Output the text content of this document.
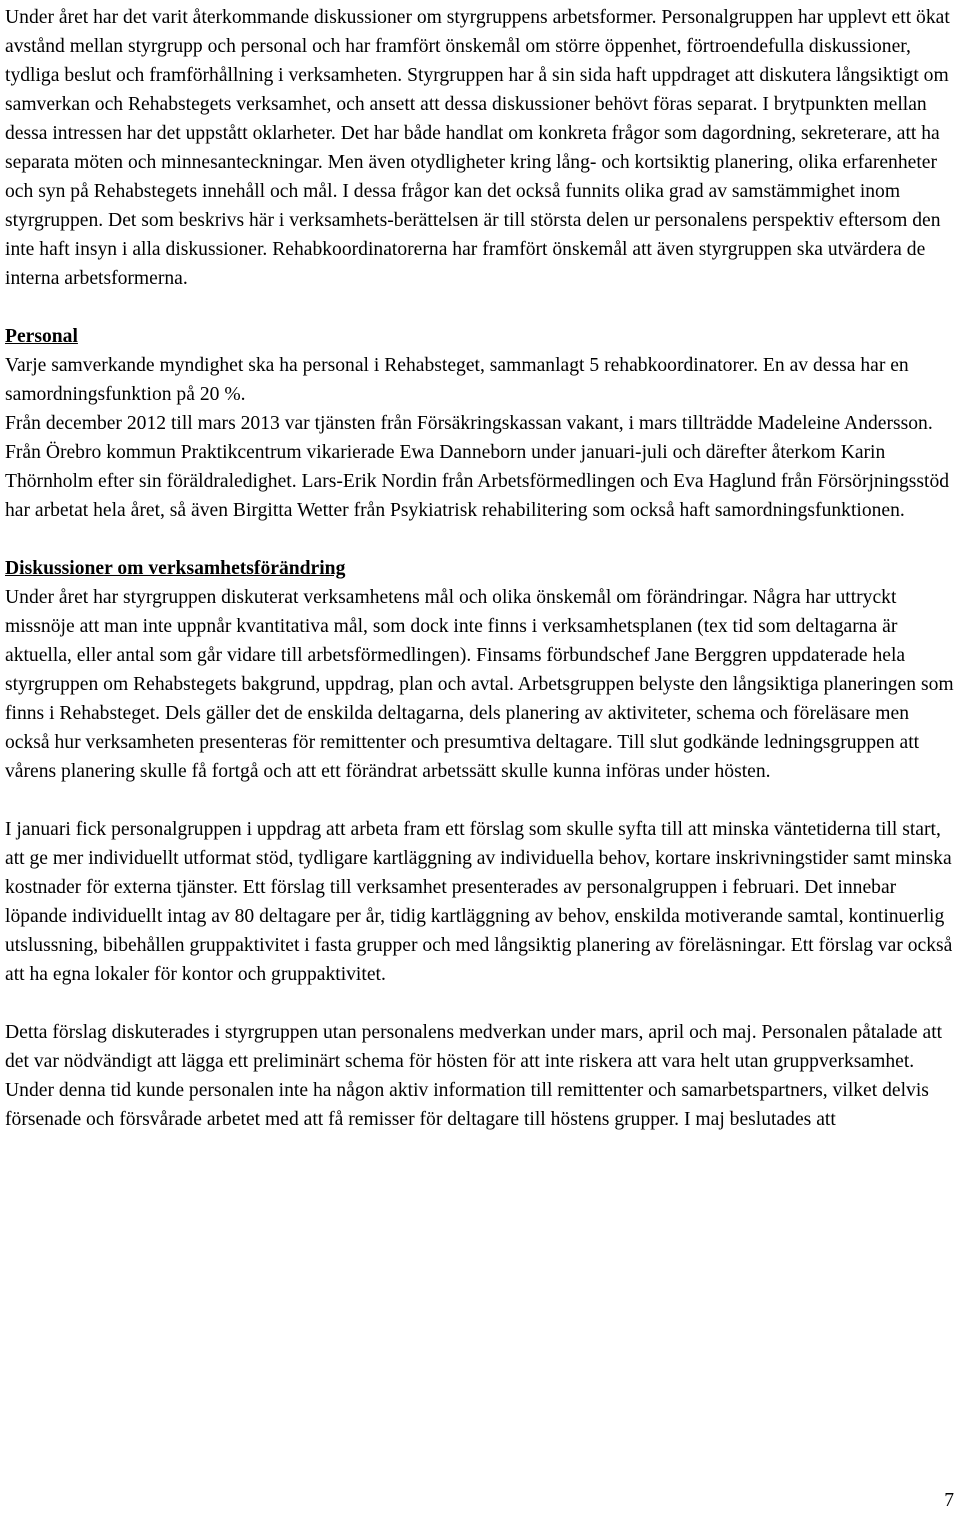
Under året har det varit återkommande diskussioner om styrgruppens arbetsformer. Personalgruppen har upplevt ett ökat avstånd mellan styrgrupp och personal och har framfört önskemål om större öppenhet, förtroendefulla diskussioner, tydliga beslut och framförhållning i verksamheten. Styrgruppen har å sin sida haft uppdraget att diskutera långsiktigt om samverkan och Rehabstegets verksamhet, och ansett att dessa diskussioner behövt föras separat. I brytpunkten mellan dessa intressen har det uppstått oklarheter. Det har både handlat om konkreta frågor som dagordning, sekreterare, att ha separata möten och minnesanteckningar. Men även otydligheter kring lång- och kortsiktig planering, olika erfarenheter och syn på Rehabstegets innehåll och mål. I dessa frågor kan det också funnits olika grad av samstämmighet inom styrgruppen. Det som beskrivs här i verksamhets-berättelsen är till största delen ur personalens perspektiv eftersom den inte haft insyn i alla diskussioner. Rehabkoordinatorerna har framfört önskemål att även styrgruppen ska utvärdera de interna arbetsformerna.

Personal

Varje samverkande myndighet ska ha personal i Rehabsteget, sammanlagt 5 rehabkoordinatorer. En av dessa har en samordningsfunktion på 20 %.

Från december 2012 till mars 2013 var tjänsten från Försäkringskassan vakant, i mars tillträdde Madeleine Andersson. Från Örebro kommun Praktikcentrum vikarierade Ewa Danneborn under januari-juli och därefter återkom Karin Thörnholm efter sin föräldraledighet. Lars-Erik Nordin från Arbetsförmedlingen och Eva Haglund från Försörjningsstöd har arbetat hela året, så även Birgitta Wetter från Psykiatrisk rehabilitering som också haft samordningsfunktionen.

Diskussioner om verksamhetsförändring

Under året har styrgruppen diskuterat verksamhetens mål och olika önskemål om förändringar. Några har uttryckt missnöje att man inte uppnår kvantitativa mål, som dock inte finns i verksamhetsplanen (tex tid som deltagarna är aktuella, eller antal som går vidare till arbetsförmedlingen). Finsams förbundschef Jane Berggren uppdaterade hela styrgruppen om Rehabstegets bakgrund, uppdrag, plan och avtal. Arbetsgruppen belyste den långsiktiga planeringen som finns i Rehabsteget. Dels gäller det de enskilda deltagarna, dels planering av aktiviteter, schema och föreläsare men också hur verksamheten presenteras för remittenter och presumtiva deltagare. Till slut godkände ledningsgruppen att vårens planering skulle få fortgå och att ett förändrat arbetssätt skulle kunna införas under hösten.

I januari fick personalgruppen i uppdrag att arbeta fram ett förslag som skulle syfta till att minska väntetiderna till start, att ge mer individuellt utformat stöd, tydligare kartläggning av individuella behov, kortare inskrivningstider samt minska kostnader för externa tjänster. Ett förslag till verksamhet presenterades av personalgruppen i februari. Det innebar löpande individuellt intag av 80 deltagare per år, tidig kartläggning av behov, enskilda motiverande samtal, kontinuerlig utslussning, bibehållen gruppaktivitet i fasta grupper och med långsiktig planering av föreläsningar. Ett förslag var också att ha egna lokaler för kontor och gruppaktivitet.

Detta förslag diskuterades i styrgruppen utan personalens medverkan under mars, april och maj. Personalen påtalade att det var nödvändigt att lägga ett preliminärt schema för hösten för att inte riskera att vara helt utan gruppverksamhet. Under denna tid kunde personalen inte ha någon aktiv information till remittenter och samarbetspartners, vilket delvis försenade och försvårade arbetet med att få remisser för deltagare till höstens grupper. I maj beslutades att

7
